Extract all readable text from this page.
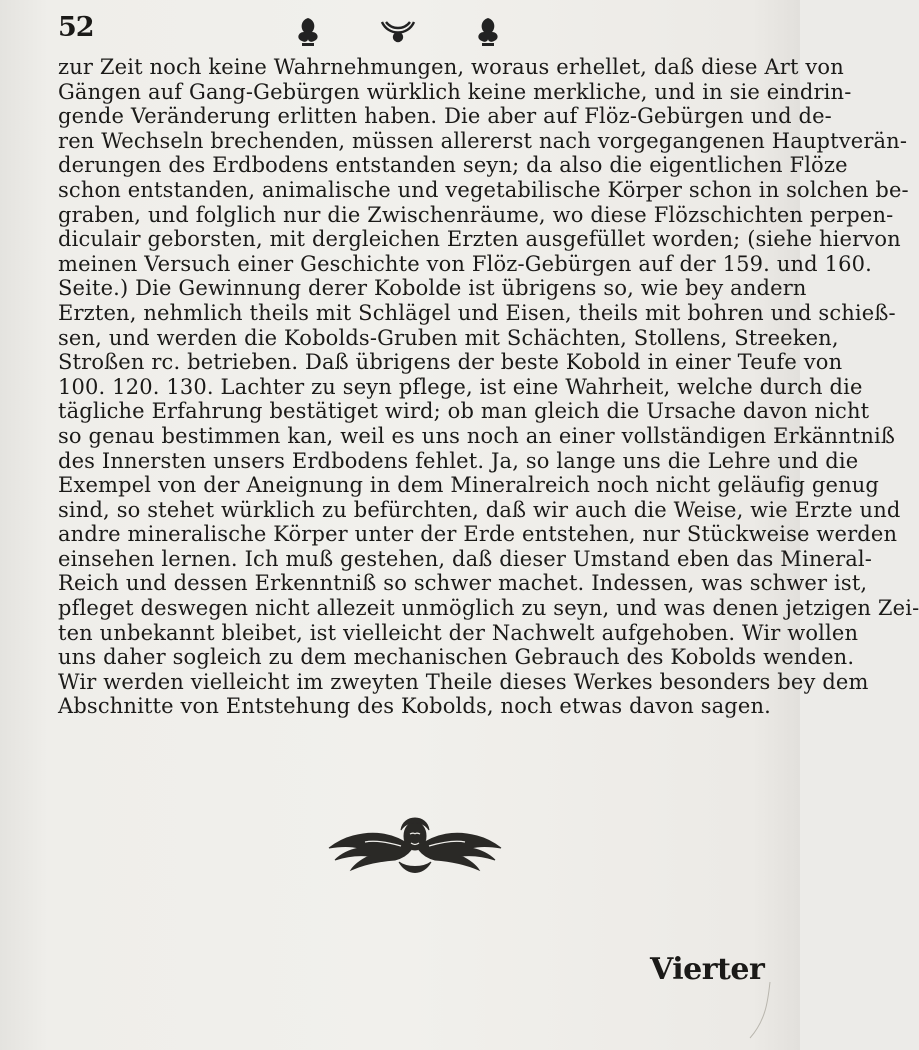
52
zur Zeit noch keine Wahrnehmungen, woraus erhellet, daß diese Art von
Gängen auf Gang-Gebürgen würklich keine merkliche, und in sie eindrin-
gende Veränderung erlitten haben. Die aber auf Flöz-Gebürgen und de-
ren Wechseln brechenden, müssen allererst nach vorgegangenen Hauptverän-
derungen des Erdbodens entstanden seyn; da also die eigentlichen Flöze
schon entstanden, animalische und vegetabilische Körper schon in solchen be-
graben, und folglich nur die Zwischenräume, wo diese Flözschichten perpen-
diculair geborsten, mit dergleichen Erzten ausgefüllet worden; (siehe hiervon
meinen Versuch einer Geschichte von Flöz-Gebürgen auf der 159. und 160.
Seite.) Die Gewinnung derer Kobolde ist übrigens so, wie bey andern
Erzten, nehmlich theils mit Schlägel und Eisen, theils mit bohren und schieß-
sen, und werden die Kobolds-Gruben mit Schächten, Stollens, Streeken,
Stroßen rc. betrieben. Daß übrigens der beste Kobold in einer Teufe von
100. 120. 130. Lachter zu seyn pflege, ist eine Wahrheit, welche durch die
tägliche Erfahrung bestätiget wird; ob man gleich die Ursache davon nicht
so genau bestimmen kan, weil es uns noch an einer vollständigen Erkänntniß
des Innersten unsers Erdbodens fehlet. Ja, so lange uns die Lehre und die
Exempel von der Aneignung in dem Mineralreich noch nicht geläufig genug
sind, so stehet würklich zu befürchten, daß wir auch die Weise, wie Erzte und
andre mineralische Körper unter der Erde entstehen, nur Stückweise werden
einsehen lernen. Ich muß gestehen, daß dieser Umstand eben das Mineral-
Reich und dessen Erkenntniß so schwer machet. Indessen, was schwer ist,
pfleget deswegen nicht allezeit unmöglich zu seyn, und was denen jetzigen Zei-
ten unbekannt bleibet, ist vielleicht der Nachwelt aufgehoben. Wir wollen
uns daher sogleich zu dem mechanischen Gebrauch des Kobolds wenden.
Wir werden vielleicht im zweyten Theile dieses Werkes besonders bey dem
Abschnitte von Entstehung des Kobolds, noch etwas davon sagen.
Vierter
